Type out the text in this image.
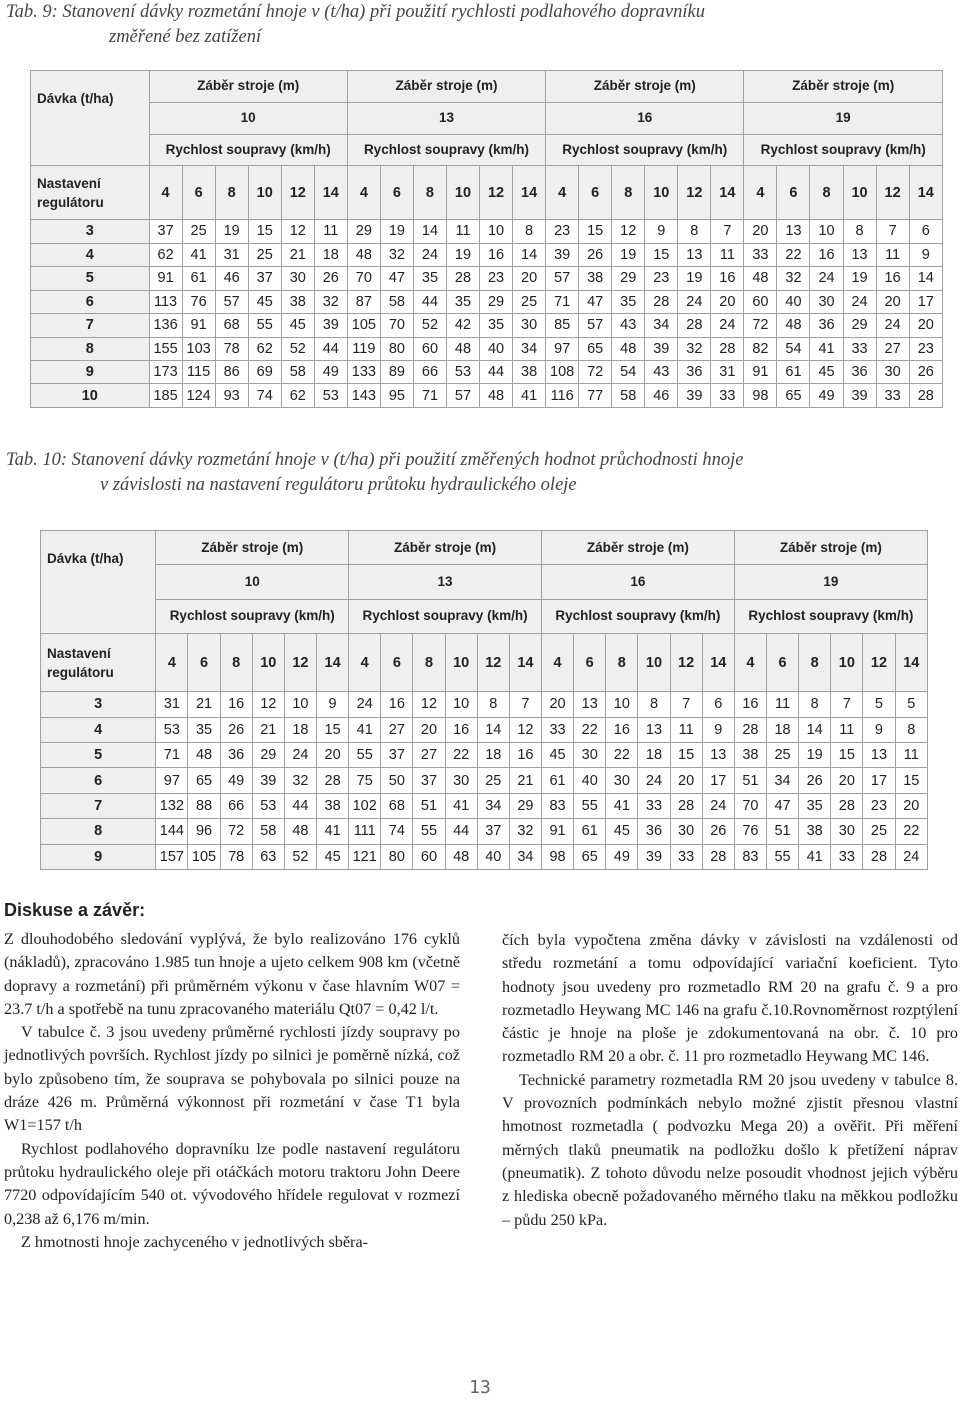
Tab. 9: Stanovení dávky rozmetání hnoje v (t/ha) při použití rychlosti podlahového dopravníku
změřené bez zatížení
Dávka (t/ha)	Záběr stroje (m)						Záběr stroje (m)						Záběr stroje (m)						Záběr stroje (m)					
	10						13						16						19					
	Rychlost soupravy (km/h)						Rychlost soupravy (km/h)						Rychlost soupravy (km/h)						Rychlost soupravy (km/h)					

Nastavení regulátoru	4	6	8	10	12	14	4	6	8	10	12	14	4	6	8	10	12	14	4	6	8	10	12	14
3	37	25	19	15	12	11	29	19	14	11	10	8	23	15	12	9	8	7	20	13	10	8	7	6
4	62	41	31	25	21	18	48	32	24	19	16	14	39	26	19	15	13	11	33	22	16	13	11	9
5	91	61	46	37	30	26	70	47	35	28	23	20	57	38	29	23	19	16	48	32	24	19	16	14
6	113	76	57	45	38	32	87	58	44	35	29	25	71	47	35	28	24	20	60	40	30	24	20	17
7	136	91	68	55	45	39	105	70	52	42	35	30	85	57	43	34	28	24	72	48	36	29	24	20
8	155	103	78	62	52	44	119	80	60	48	40	34	97	65	48	39	32	28	82	54	41	33	27	23
9	173	115	86	69	58	49	133	89	66	53	44	38	108	72	54	43	36	31	91	61	45	36	30	26
10	185	124	93	74	62	53	143	95	71	57	48	41	116	77	58	46	39	33	98	65	49	39	33	28
Tab. 10: Stanovení dávky rozmetání hnoje v (t/ha) při použití změřených hodnot průchodnosti hnoje
v závislosti na nastavení regulátoru průtoku hydraulického oleje
Dávka (t/ha)	Záběr stroje (m)						Záběr stroje (m)						Záběr stroje (m)						Záběr stroje (m)					
	10						13						16						19					
	Rychlost soupravy (km/h)						Rychlost soupravy (km/h)						Rychlost soupravy (km/h)						Rychlost soupravy (km/h)					

Nastavení regulátoru	4	6	8	10	12	14	4	6	8	10	12	14	4	6	8	10	12	14	4	6	8	10	12	14
3	31	21	16	12	10	9	24	16	12	10	8	7	20	13	10	8	7	6	16	11	8	7	5	5
4	53	35	26	21	18	15	41	27	20	16	14	12	33	22	16	13	11	9	28	18	14	11	9	8
5	71	48	36	29	24	20	55	37	27	22	18	16	45	30	22	18	15	13	38	25	19	15	13	11
6	97	65	49	39	32	28	75	50	37	30	25	21	61	40	30	24	20	17	51	34	26	20	17	15
7	132	88	66	53	44	38	102	68	51	41	34	29	83	55	41	33	28	24	70	47	35	28	23	20
8	144	96	72	58	48	41	111	74	55	44	37	32	91	61	45	36	30	26	76	51	38	30	25	22
9	157	105	78	63	52	45	121	80	60	48	40	34	98	65	49	39	33	28	83	55	41	33	28	24
Diskuse a závěr:

Z dlouhodobého sledování vyplývá, že bylo realizováno 176 cyklů (nákladů), zpracováno 1.985 tun hnoje a ujeto celkem 908 km (včetně dopravy a rozmetání) při průměrném výkonu v čase hlavním W07 = 23.7 t/h a spotřebě na tunu zpracovaného materiálu Qt07 = 0,42 l/t.

V tabulce č. 3 jsou uvedeny průměrné rychlosti jízdy soupravy po jednotlivých površích. Rychlost jízdy po silnici je poměrně nízká, což bylo způsobeno tím, že souprava se pohybovala po silnici pouze na dráze 426 m. Průměrná výkonnost při rozmetání v čase T1 byla W1=157 t/h

Rychlost podlahového dopravníku lze podle nastavení regulátoru průtoku hydraulického oleje při otáčkách motoru traktoru John Deere 7720 odpovídajícím 540 ot. vývodového hřídele regulovat v rozmezí 0,238 až 6,176 m/min.

Z hmotnosti hnoje zachyceného v jednotlivých sběra-

čích byla vypočtena změna dávky v závislosti na vzdálenosti od středu rozmetání a tomu odpovídající variační koeficient. Tyto hodnoty jsou uvedeny pro rozmetadlo RM 20 na grafu č. 9 a pro rozmetadlo Heywang MC 146 na grafu č.10.Rovnoměrnost rozptýlení částic je hnoje na ploše je zdokumentovaná na obr. č. 10 pro rozmetadlo RM 20 a obr. č. 11 pro rozmetadlo Heywang MC 146.

Technické parametry rozmetadla RM 20 jsou uvedeny v tabulce 8. V provozních podmínkách nebylo možné zjistit přesnou vlastní hmotnost rozmetadla ( podvozku Mega 20) a ověřit. Při měření měrných tlaků pneumatik na podložku došlo k přetížení náprav (pneumatik). Z tohoto důvodu nelze posoudit vhodnost jejich výběru z hlediska obecně požadovaného měrného tlaku na měkkou podložku – půdu 250 kPa.

13
